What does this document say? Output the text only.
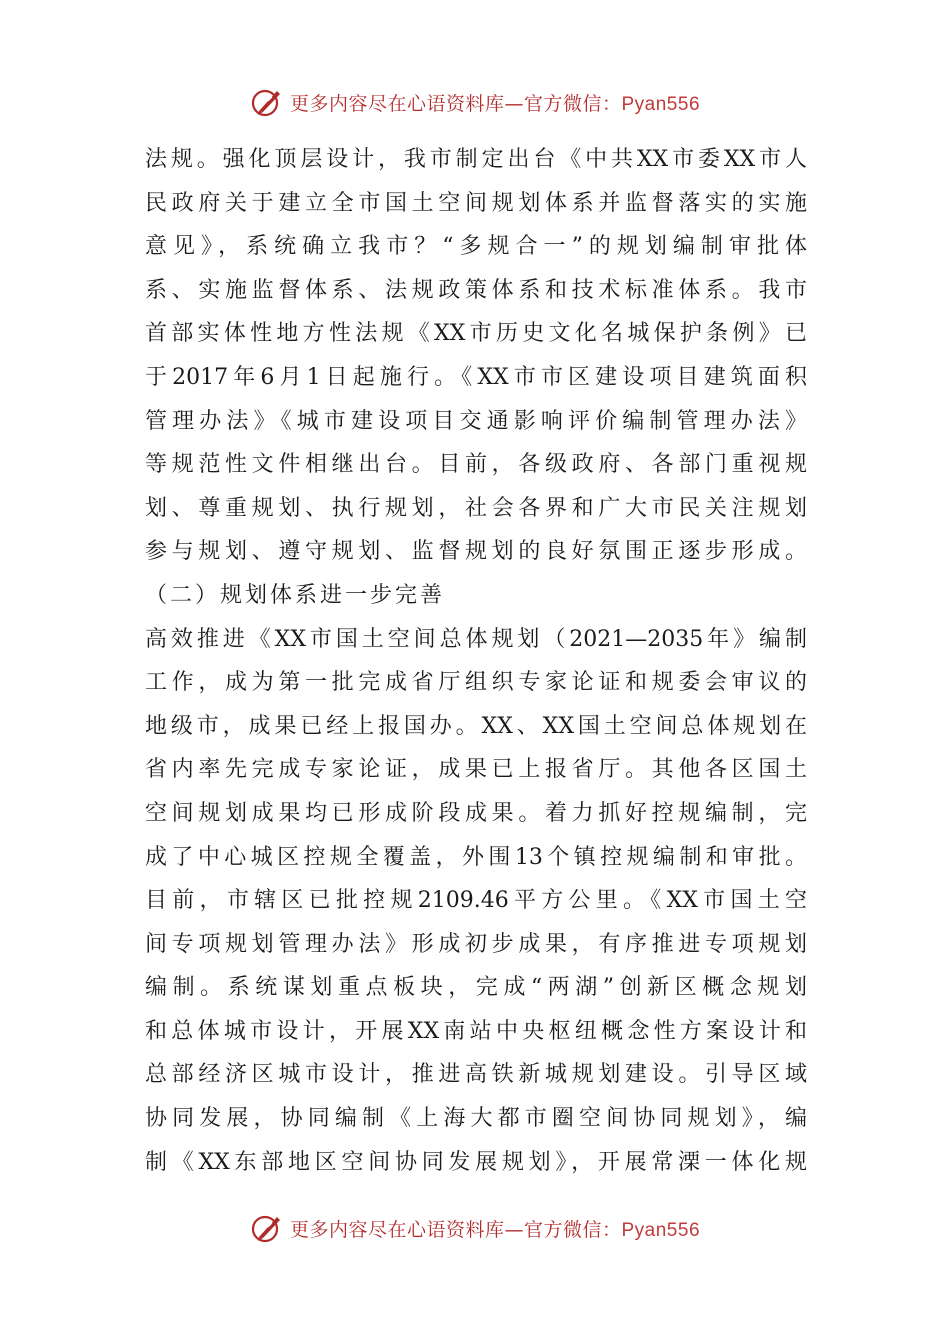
更多内容尽在心语资料库—官方微信：Pyan556
法规。强化顶层设计，我市制定出台《中共XX市委XX市人
民政府关于建立全市国土空间规划体系并监督落实的实施
意见》，系统确立我市？“多规合一”的规划编制审批体
系、实施监督体系、法规政策体系和技术标准体系。我市
首部实体性地方性法规《XX市历史文化名城保护条例》已
于2017年6月1日起施行。《XX市市区建设项目建筑面积
管理办法》《城市建设项目交通影响评价编制管理办法》
等规范性文件相继出台。目前，各级政府、各部门重视规
划、尊重规划、执行规划，社会各界和广大市民关注规划
参与规划、遵守规划、监督规划的良好氛围正逐步形成。
（二）规划体系进一步完善
高效推进《XX市国土空间总体规划（2021—2035年》编制
工作，成为第一批完成省厅组织专家论证和规委会审议的
地级市，成果已经上报国办。XX、XX国土空间总体规划在
省内率先完成专家论证，成果已上报省厅。其他各区国土
空间规划成果均已形成阶段成果。着力抓好控规编制，完
成了中心城区控规全覆盖，外围13个镇控规编制和审批。
目前，市辖区已批控规2109.46平方公里。《XX市国土空
间专项规划管理办法》形成初步成果，有序推进专项规划
编制。系统谋划重点板块，完成“两湖”创新区概念规划
和总体城市设计，开展XX南站中央枢纽概念性方案设计和
总部经济区城市设计，推进高铁新城规划建设。引导区域
协同发展，协同编制《上海大都市圈空间协同规划》，编
制《XX东部地区空间协同发展规划》，开展常溧一体化规
更多内容尽在心语资料库—官方微信：Pyan556
